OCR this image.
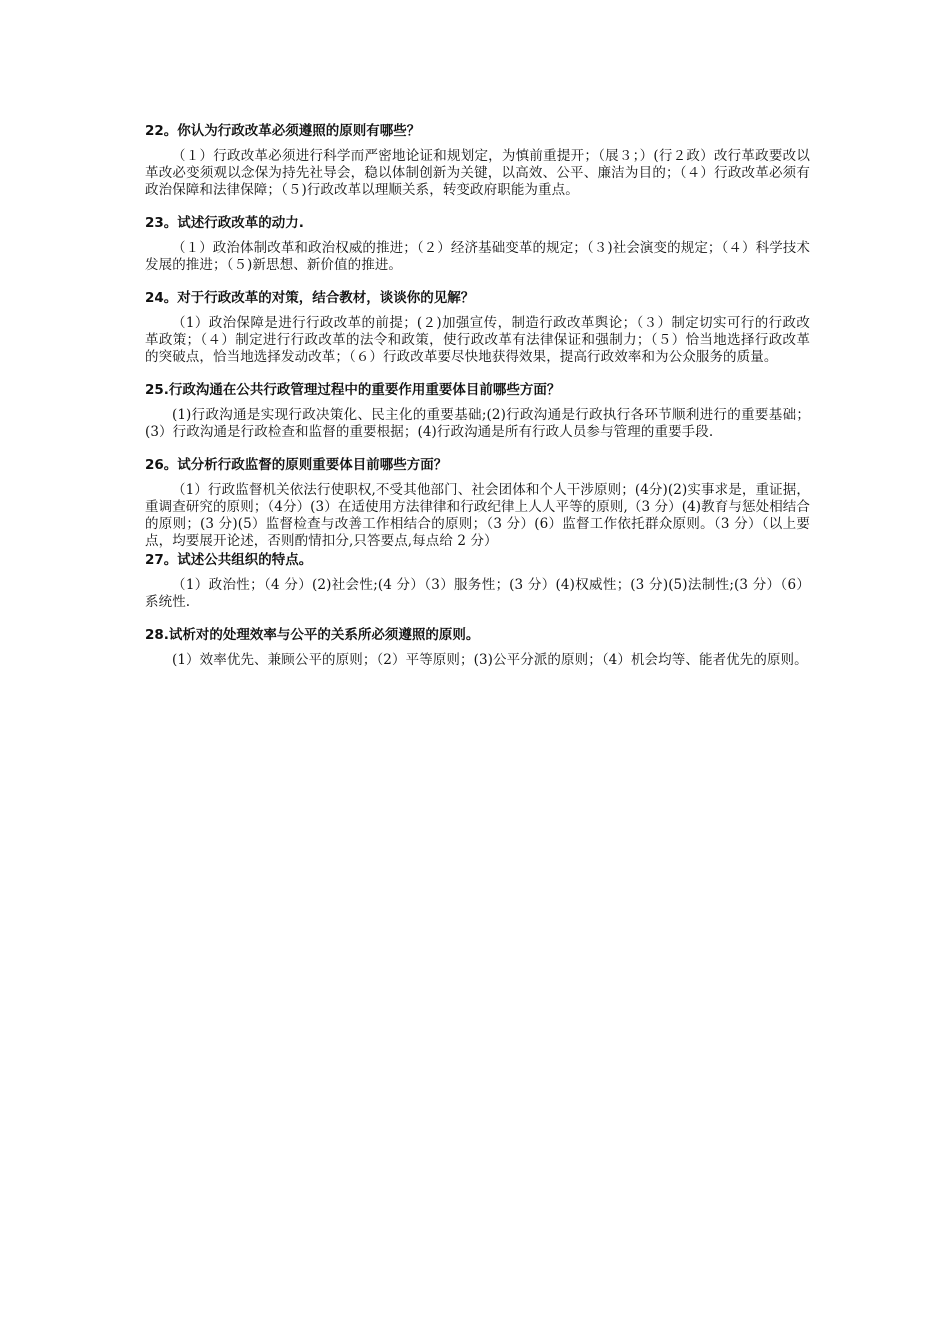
22。你认为行政改革必须遵照的原则有哪些？
（１）行政改革必须进行科学而严密地论证和规划定，为慎前重提开；（展３；）(行２政）改行革政要改以革改必变须观以念保为持先社导会，稳以体制创新为关键，以高效、公平、廉洁为目的；（４）行政改革必须有政治保障和法律保障；（５)行政改革以理顺关系，转变政府职能为重点。
23。试述行政改革的动力.
（１）政治体制改革和政治权威的推进；（２）经济基础变革的规定；（３)社会演变的规定；（４）科学技术发展的推进；（５)新思想、新价值的推进。
24。对于行政改革的对策，结合教材，谈谈你的见解？
（1）政治保障是进行行政改革的前提；(２)加强宣传，制造行政改革舆论；（３）制定切实可行的行政改革政策；（４）制定进行行政改革的法令和政策，使行政改革有法律保证和强制力；（５）恰当地选择行政改革的突破点，恰当地选择发动改革；（６）行政改革要尽快地获得效果，提高行政效率和为公众服务的质量。
25.行政沟通在公共行政管理过程中的重要作用重要体目前哪些方面？
(1)行政沟通是实现行政决策化、民主化的重要基础;(2)行政沟通是行政执行各环节顺利进行的重要基础；(3）行政沟通是行政检查和监督的重要根据；(4)行政沟通是所有行政人员参与管理的重要手段.
26。试分析行政监督的原则重要体目前哪些方面？
（1）行政监督机关依法行使职权,不受其他部门、社会团体和个人干涉原则；(4分)(2)实事求是，重证据，重调查研究的原则；（4分）(3）在适使用方法律律和行政纪律上人人平等的原则,（3 分）(4)教育与惩处相结合的原则；(3 分)(5）监督检查与改善工作相结合的原则；（3 分）(6）监督工作依托群众原则。（3 分）（以上要点，均要展开论述，否则酌情扣分,只答要点,每点给 2 分）
27。试述公共组织的特点。
（1）政治性；（4 分）(2)社会性;(4 分）（3）服务性；(3 分）(4)权威性；(3 分)(5)法制性;(3 分）（6）系统性.
28.试析对的处理效率与公平的关系所必须遵照的原则。
(1）效率优先、兼顾公平的原则；（2）平等原则；(3)公平分派的原则；（4）机会均等、能者优先的原则。
